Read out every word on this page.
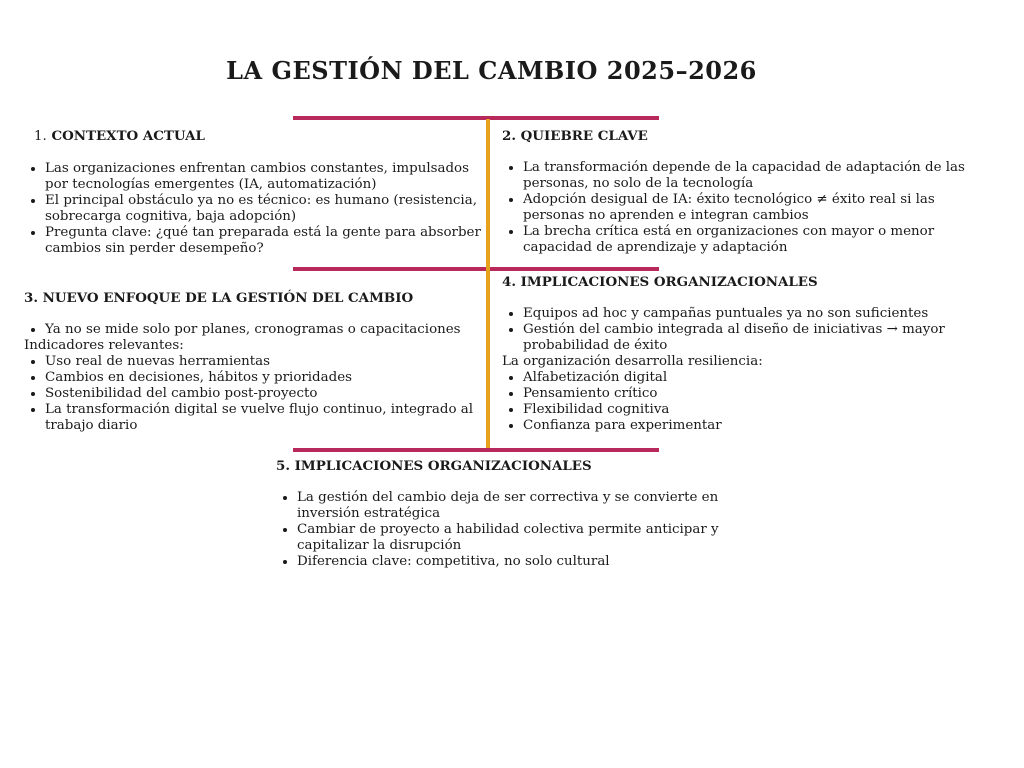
LA GESTIÓN DEL CAMBIO 2025–2026
1. CONTEXTO ACTUAL
Las organizaciones enfrentan cambios constantes, impulsados por tecnologías emergentes (IA, automatización)
El principal obstáculo ya no es técnico: es humano (resistencia, sobrecarga cognitiva, baja adopción)
Pregunta clave: ¿qué tan preparada está la gente para absorber cambios sin perder desempeño?
2. QUIEBRE CLAVE
La transformación depende de la capacidad de adaptación de las personas, no solo de la tecnología
Adopción desigual de IA: éxito tecnológico ≠ éxito real si las personas no aprenden e integran cambios
La brecha crítica está en organizaciones con mayor o menor capacidad de aprendizaje y adaptación
3. NUEVO ENFOQUE DE LA GESTIÓN DEL CAMBIO
Ya no se mide solo por planes, cronogramas o capacitaciones

Indicadores relevantes:

Uso real de nuevas herramientas
Cambios en decisiones, hábitos y prioridades
Sostenibilidad del cambio post-proyecto
La transformación digital se vuelve flujo continuo, integrado al trabajo diario
4. IMPLICACIONES ORGANIZACIONALES
Equipos ad hoc y campañas puntuales ya no son suficientes
Gestión del cambio integrada al diseño de iniciativas → mayor probabilidad de éxito

La organización desarrolla resiliencia:

Alfabetización digital
Pensamiento crítico
Flexibilidad cognitiva
Confianza para experimentar
5. IMPLICACIONES ORGANIZACIONALES
La gestión del cambio deja de ser correctiva y se convierte en inversión estratégica
Cambiar de proyecto a habilidad colectiva permite anticipar y capitalizar la disrupción
Diferencia clave: competitiva, no solo cultural
